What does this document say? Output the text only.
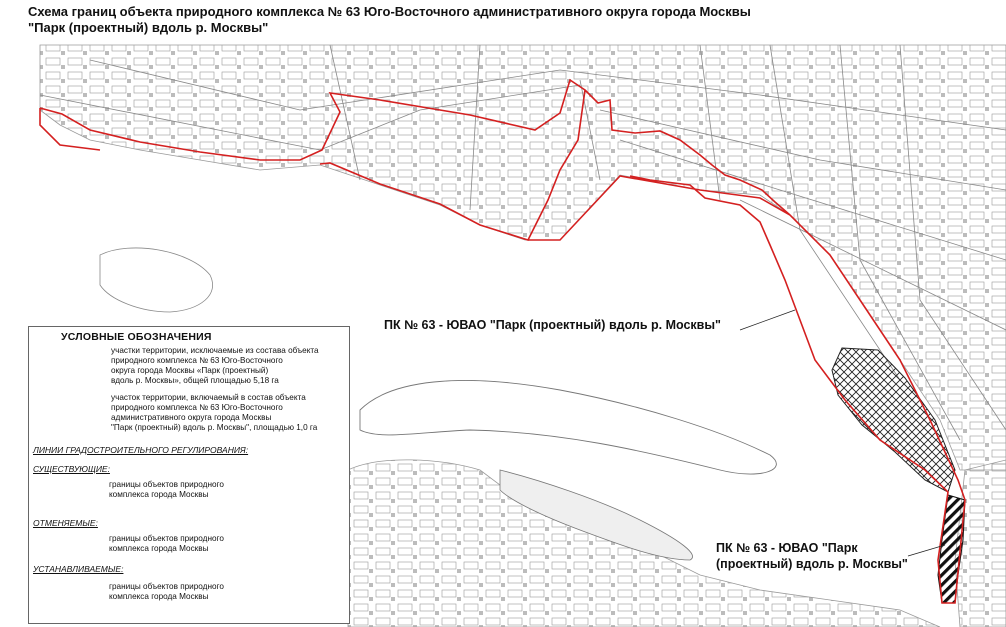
Схема границ объекта природного комплекса № 63 Юго-Восточного административного округа города Москвы
"Парк (проектный) вдоль р. Москвы"
ПК № 63 - ЮВАО "Парк (проектный) вдоль р. Москвы"
ПК № 63 - ЮВАО "Парк
(проектный) вдоль р. Москвы"
УСЛОВНЫЕ ОБОЗНАЧЕНИЯ
участки территории, исключаемые из состава объекта
природного комплекса № 63 Юго-Восточного
округа города Москвы «Парк (проектный)
вдоль р. Москвы», общей площадью 5,18 га
участок территории, включаемый в состав объекта
природного комплекса № 63 Юго-Восточного
административного округа города Москвы
"Парк (проектный) вдоль р. Москвы", площадью 1,0 га
ЛИНИИ ГРАДОСТРОИТЕЛЬНОГО РЕГУЛИРОВАНИЯ:
СУЩЕСТВУЮЩИЕ:
границы объектов природного
комплекса города Москвы
ОТМЕНЯЕМЫЕ:
границы объектов природного
комплекса города Москвы
УСТАНАВЛИВАЕМЫЕ:
границы объектов природного
комплекса города Москвы
